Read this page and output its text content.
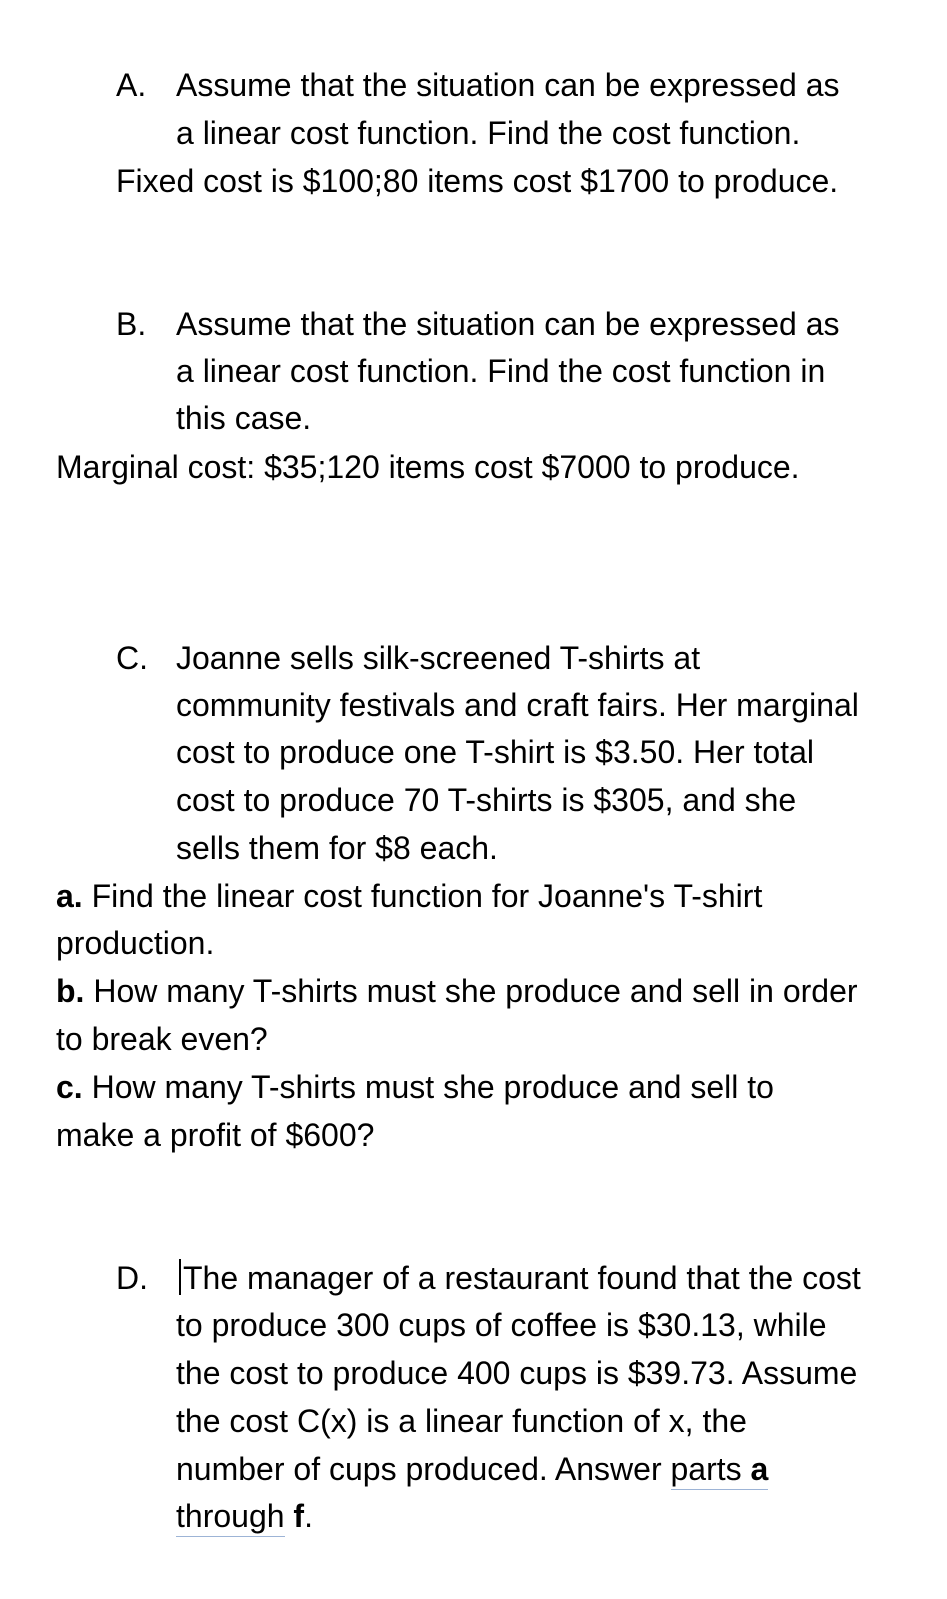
A. Assume that the situation can be expressed as
a linear cost function. Find the cost function.
Fixed cost is $100;80 items cost $1700 to produce.
B. Assume that the situation can be expressed as
a linear cost function. Find the cost function in
this case.
Marginal cost: $35;120 items cost $7000 to produce.
C. Joanne sells silk-screened T-shirts at
community festivals and craft fairs. Her marginal
cost to produce one T-shirt is $3.50. Her total
cost to produce 70 T-shirts is $305, and she
sells them for $8 each.
a. Find the linear cost function for Joanne's T-shirt
production.
b. How many T-shirts must she produce and sell in order
to break even?
c. How many T-shirts must she produce and sell to
make a profit of $600?
D. The manager of a restaurant found that the cost
to produce 300 cups of coffee is $30.13, while
the cost to produce 400 cups is $39.73. Assume
the cost C(x) is a linear function of x, the
number of cups produced. Answer parts a
through f.
